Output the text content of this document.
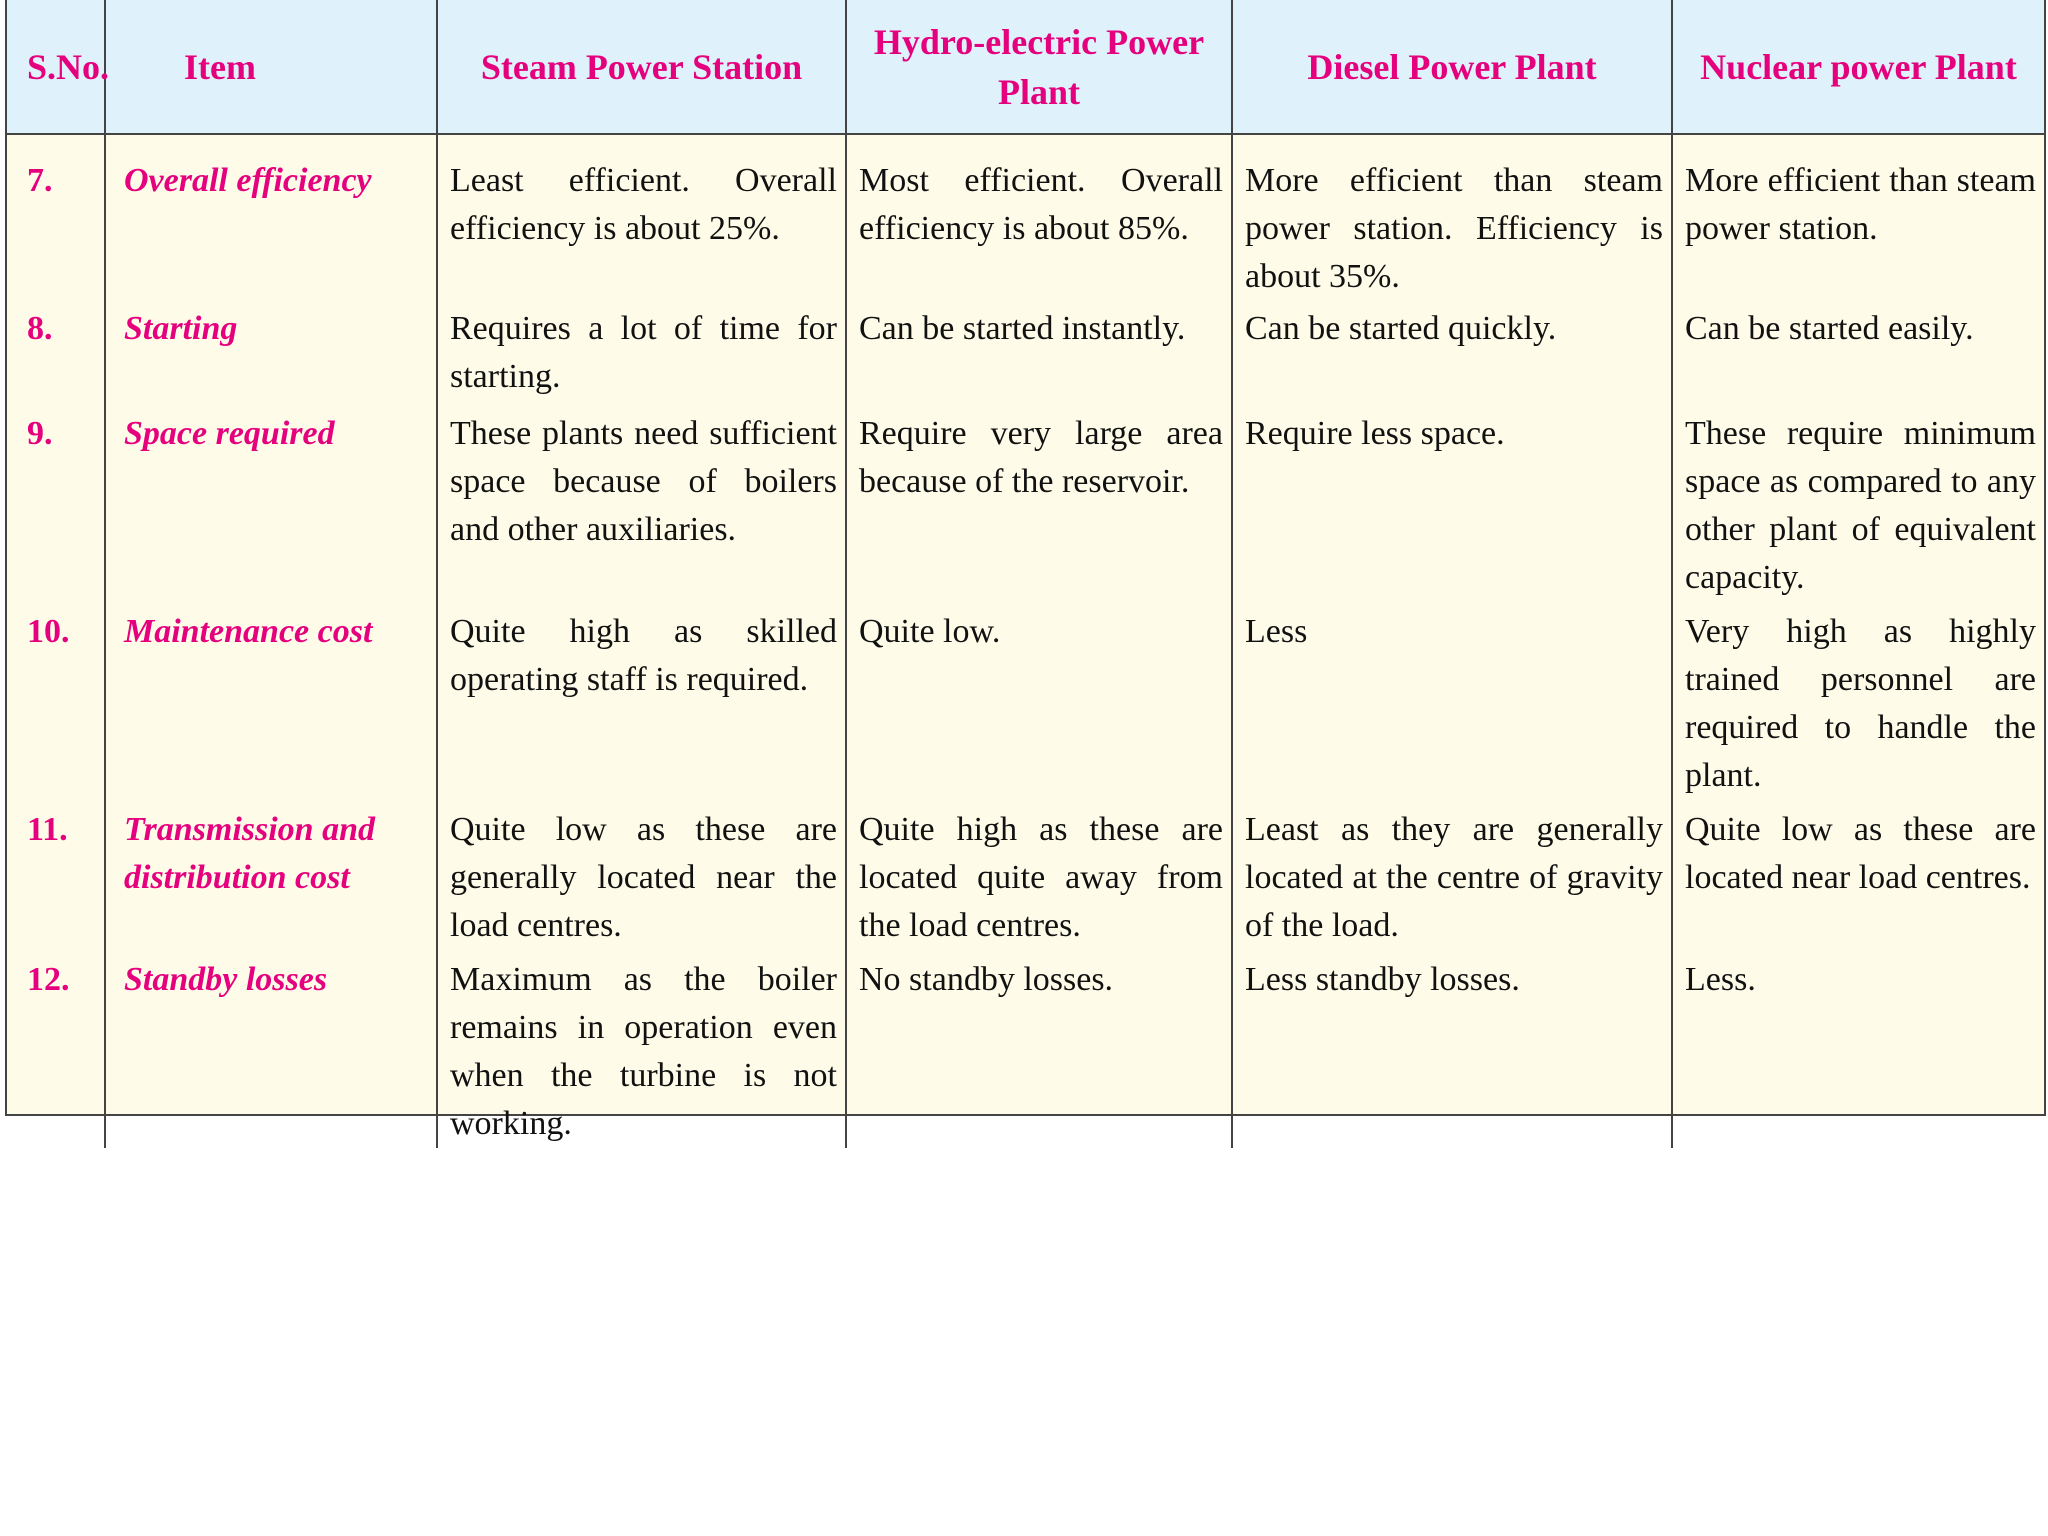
S.No.	Item	Steam Power Station	Hydro-electric Power Plant	Diesel Power Plant	Nuclear power Plant
7.	Overall efficiency	Least efficient. Overall efficiency is about 25%.	Most efficient. Overall efficiency is about 85%.	More efficient than steam power station. Efficiency is about 35%.	More efficient than steam power station.
8.	Starting	Requires a lot of time for starting.	Can be started instantly.	Can be started quickly.	Can be started easily.
9.	Space required	These plants need sufficient space because of boilers and other auxiliaries.	Require very large area because of the reservoir.	Require less space.	These require minimum space as compared to any other plant of equivalent capacity.
10.	Maintenance cost	Quite high as skilled operating staff is required.	Quite low.	Less	Very high as highly trained personnel are required to handle the plant.
11.	Transmission and distribution cost	Quite low as these are generally located near the load centres.	Quite high as these are located quite away from the load centres.	Least as they are generally located at the centre of gravity of the load.	Quite low as these are located near load centres.
12.	Standby losses	Maximum as the boiler remains in operation even when the turbine is not working.	No standby losses.	Less standby losses.	Less.
